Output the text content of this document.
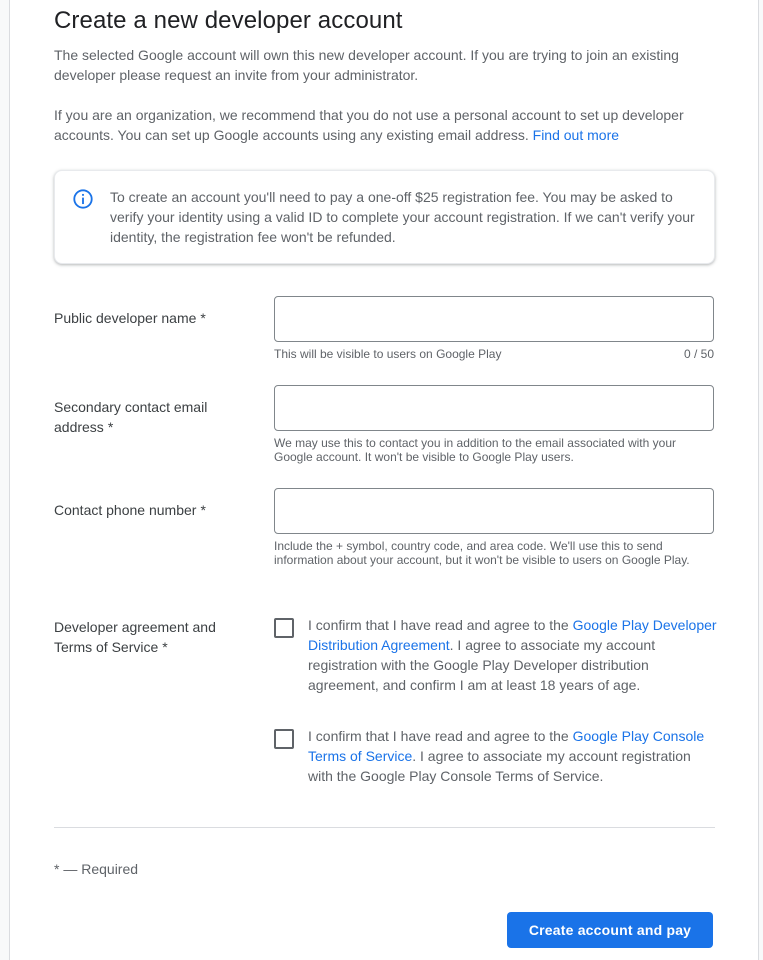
Create a new developer account
The selected Google account will own this new developer account. If you are trying to join an existing developer please request an invite from your administrator.
If you are an organization, we recommend that you do not use a personal account to set up developer accounts. You can set up Google accounts using any existing email address. Find out more
To create an account you'll need to pay a one-off $25 registration fee. You may be asked to verify your identity using a valid ID to complete your account registration. If we can't verify your identity, the registration fee won't be refunded.
Public developer name *
This will be visible to users on Google Play	0 / 50
Secondary contact email address *
We may use this to contact you in addition to the email associated with your Google account. It won't be visible to Google Play users.
Contact phone number *
Include the + symbol, country code, and area code. We'll use this to send information about your account, but it won't be visible to users on Google Play.
Developer agreement and Terms of Service *
I confirm that I have read and agree to the Google Play Developer Distribution Agreement. I agree to associate my account registration with the Google Play Developer distribution agreement, and confirm I am at least 18 years of age.
I confirm that I have read and agree to the Google Play Console Terms of Service. I agree to associate my account registration with the Google Play Console Terms of Service.
* — Required
Create account and pay
